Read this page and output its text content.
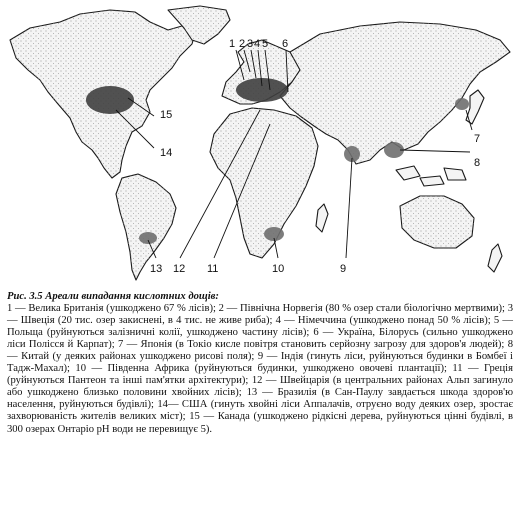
1 2 3 4 5 6
7
8
9
10
11
12
13
14
15
Рис. 3.5 Ареали випадання кислотних дощів:
1 — Велика Британія (ушкоджено 67 % лісів); 2 — Північна Норвегія (80 % озер стали біологічно мертвими); 3 — Швеція (20 тис. озер закиснені, в 4 тис. не живе риба); 4 — Німеччина (ушкоджено понад 50 % лісів); 5 — Польща (руйнуються залізничні колії, ушкоджено частину лісів); 6 — Україна, Білорусь (сильно ушкоджено ліси Полісся й Карпат); 7 — Японія (в Токіо кисле повітря становить серйозну загрозу для здоров'я людей); 8 — Китай (у деяких районах ушкоджено рисові поля); 9 — Індія (гинуть ліси, руйнуються будинки в Бомбеї і Тадж-Махал); 10 — Південна Африка (руйнуються будинки, ушкоджено овочеві плантації); 11 — Греція (руйнуються Пантеон та інші пам'ятки архітектури); 12 — Швейцарія (в центральних районах Альп загинуло або ушкоджено близько половини хвойних лісів); 13 — Бразилія (в Сан-Паулу завдається шкода здоров'ю населення, руйнуються будівлі); 14— США (гинуть хвойні ліси Аппалачів, отруєно воду деяких озер, зростає захворюваність жителів великих міст); 15 — Канада (ушкоджено рідкісні дерева, руйнуються цінні будівлі, в 300 озерах Онтаріо pH води не перевищує 5).
